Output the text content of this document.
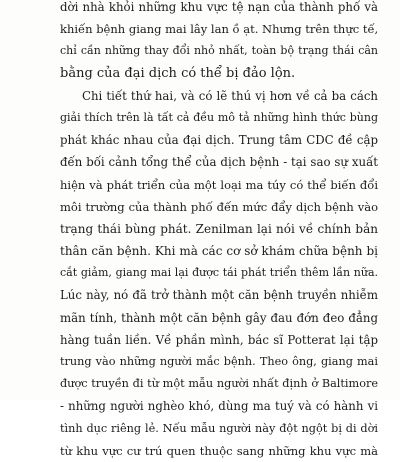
dời nhà khỏi những khu vực tệ nạn của thành phố và
khiến bệnh giang mai lây lan ồ ạt. Nhưng trên thực tế,
chỉ cần những thay đổi nhỏ nhất, toàn bộ trạng thái cân
bằng của đại dịch có thể bị đảo lộn.
Chi tiết thứ hai, và có lẽ thú vị hơn về cả ba cách
giải thích trên là tất cả đều mô tả những hình thức bùng
phát khác nhau của đại dịch. Trung tâm CDC đề cập
đến bối cảnh tổng thể của dịch bệnh - tại sao sự xuất
hiện và phát triển của một loại ma túy có thể biến đổi
môi trường của thành phố đến mức đẩy dịch bệnh vào
trạng thái bùng phát. Zenilman lại nói về chính bản
thân căn bệnh. Khi mà các cơ sở khám chữa bệnh bị
cắt giảm, giang mai lại được tái phát triển thêm lần nữa.
Lúc này, nó đã trở thành một căn bệnh truyền nhiễm
mãn tính, thành một căn bệnh gây đau đớn đeo đẳng
hàng tuần liền. Về phần mình, bác sĩ Potterat lại tập
trung vào những người mắc bệnh. Theo ông, giang mai
được truyền đi từ một mẫu người nhất định ở Baltimore
- những người nghèo khó, dùng ma tuý và có hành vi
tình dục riêng lẻ. Nếu mẫu người này đột ngột bị di dời
từ khu vực cư trú quen thuộc sang những khu vực mà
